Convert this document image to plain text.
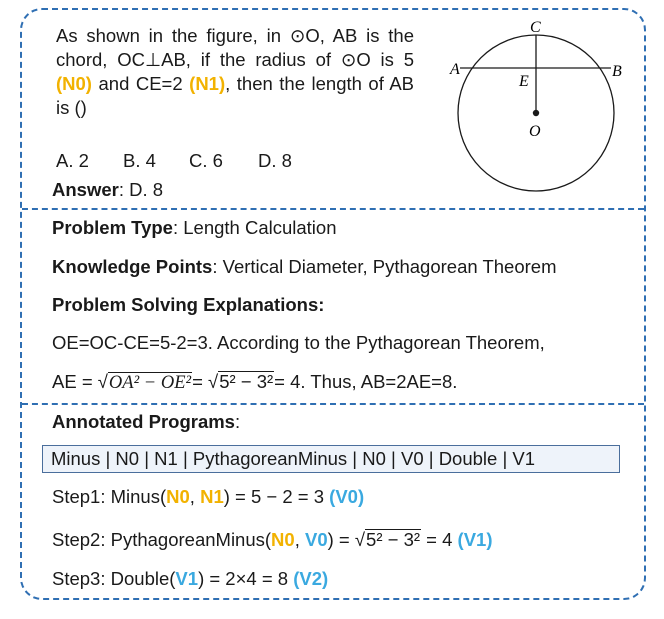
As shown in the figure, in ⊙O, AB is the chord, OC⊥AB, if the radius of ⊙O is 5 (N0) and CE=2 (N1), then the length of AB is ()
A. 2 B. 4 C. 6 D. 8
Answer: D. 8
C
A	B
E
O
Problem Type: Length Calculation
Knowledge Points: Vertical Diameter, Pythagorean Theorem
Problem Solving Explanations:
OE=OC-CE=5-2=3. According to the Pythagorean Theorem,
AE = √OA² − OE²= √5² − 3²= 4. Thus, AB=2AE=8.
Annotated Programs:
Minus | N0 | N1 | PythagoreanMinus | N0 | V0 | Double | V1
Step1: Minus(N0, N1) = 5 − 2 = 3 (V0)
Step2: PythagoreanMinus(N0, V0) = √5² − 3² = 4 (V1)
Step3: Double(V1) = 2×4 = 8 (V2)
